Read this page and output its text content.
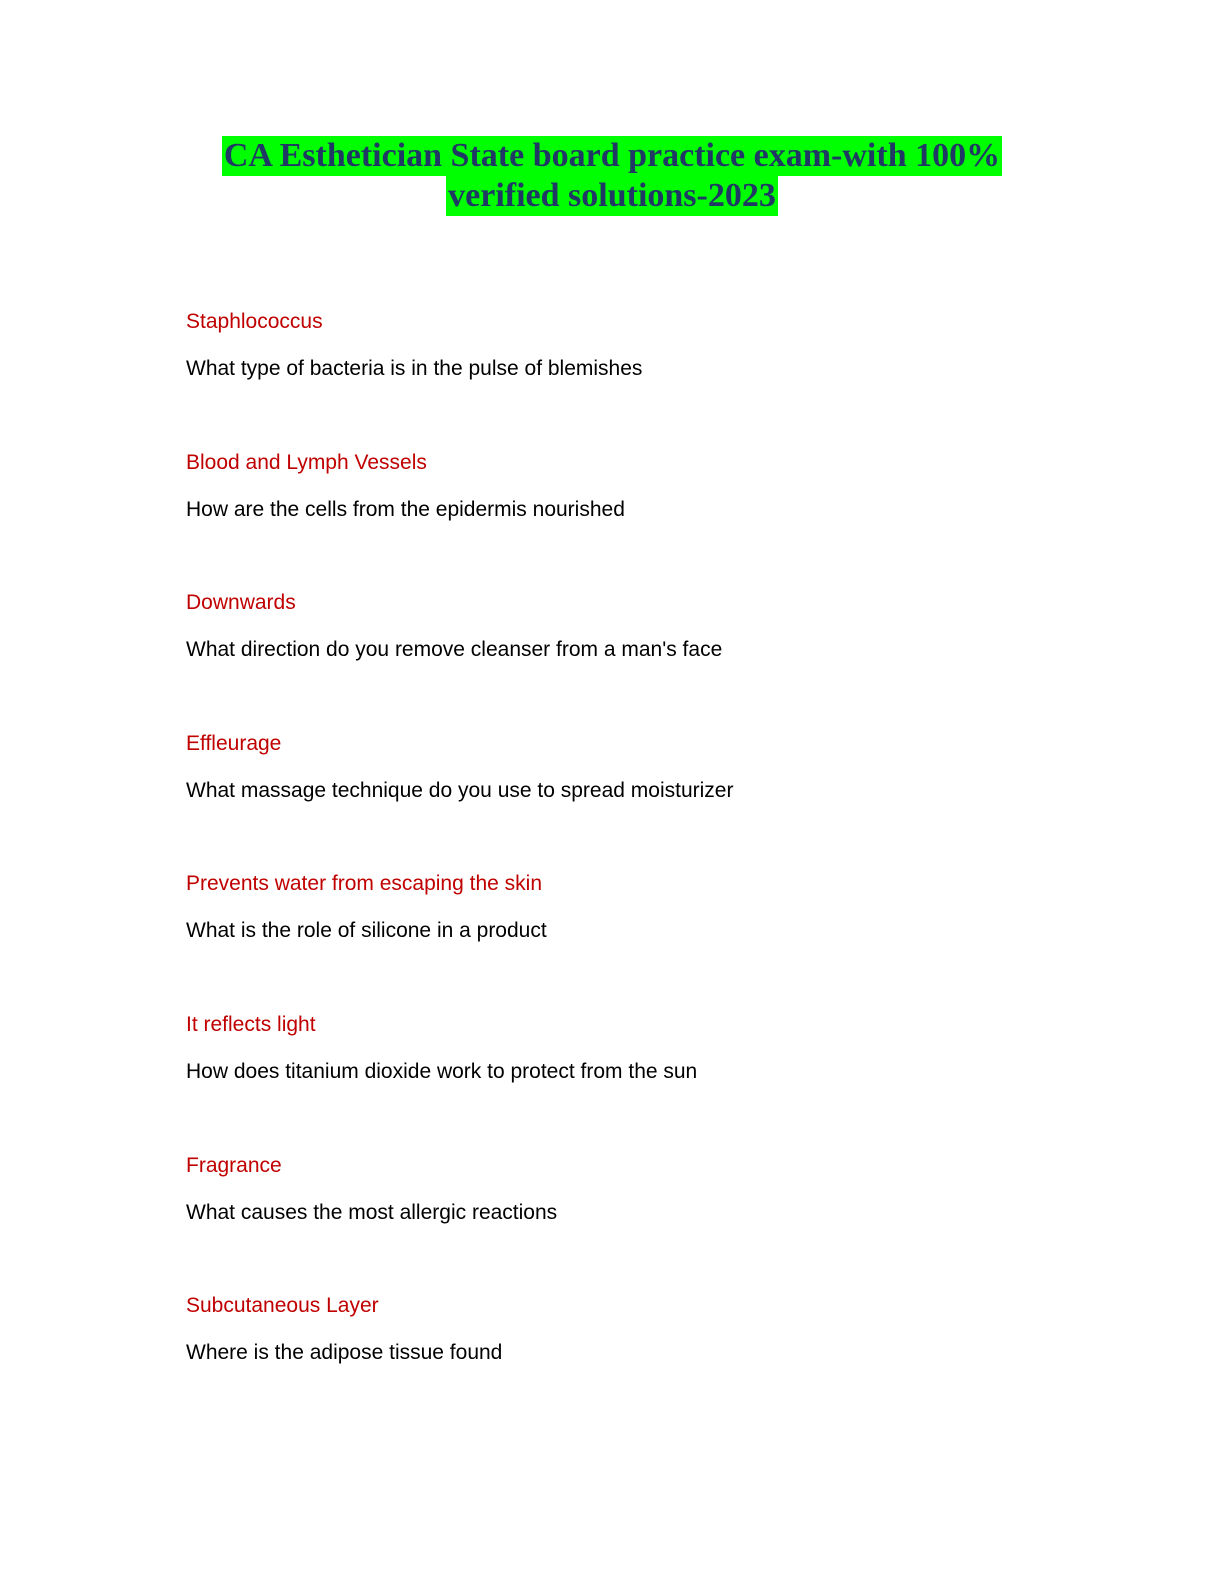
CA Esthetician State board practice exam-with 100%
verified solutions-2023
Staphlococcus
What type of bacteria is in the pulse of blemishes
Blood and Lymph Vessels
How are the cells from the epidermis nourished
Downwards
What direction do you remove cleanser from a man's face
Effleurage
What massage technique do you use to spread moisturizer
Prevents water from escaping the skin
What is the role of silicone in a product
It reflects light
How does titanium dioxide work to protect from the sun
Fragrance
What causes the most allergic reactions
Subcutaneous Layer
Where is the adipose tissue found
